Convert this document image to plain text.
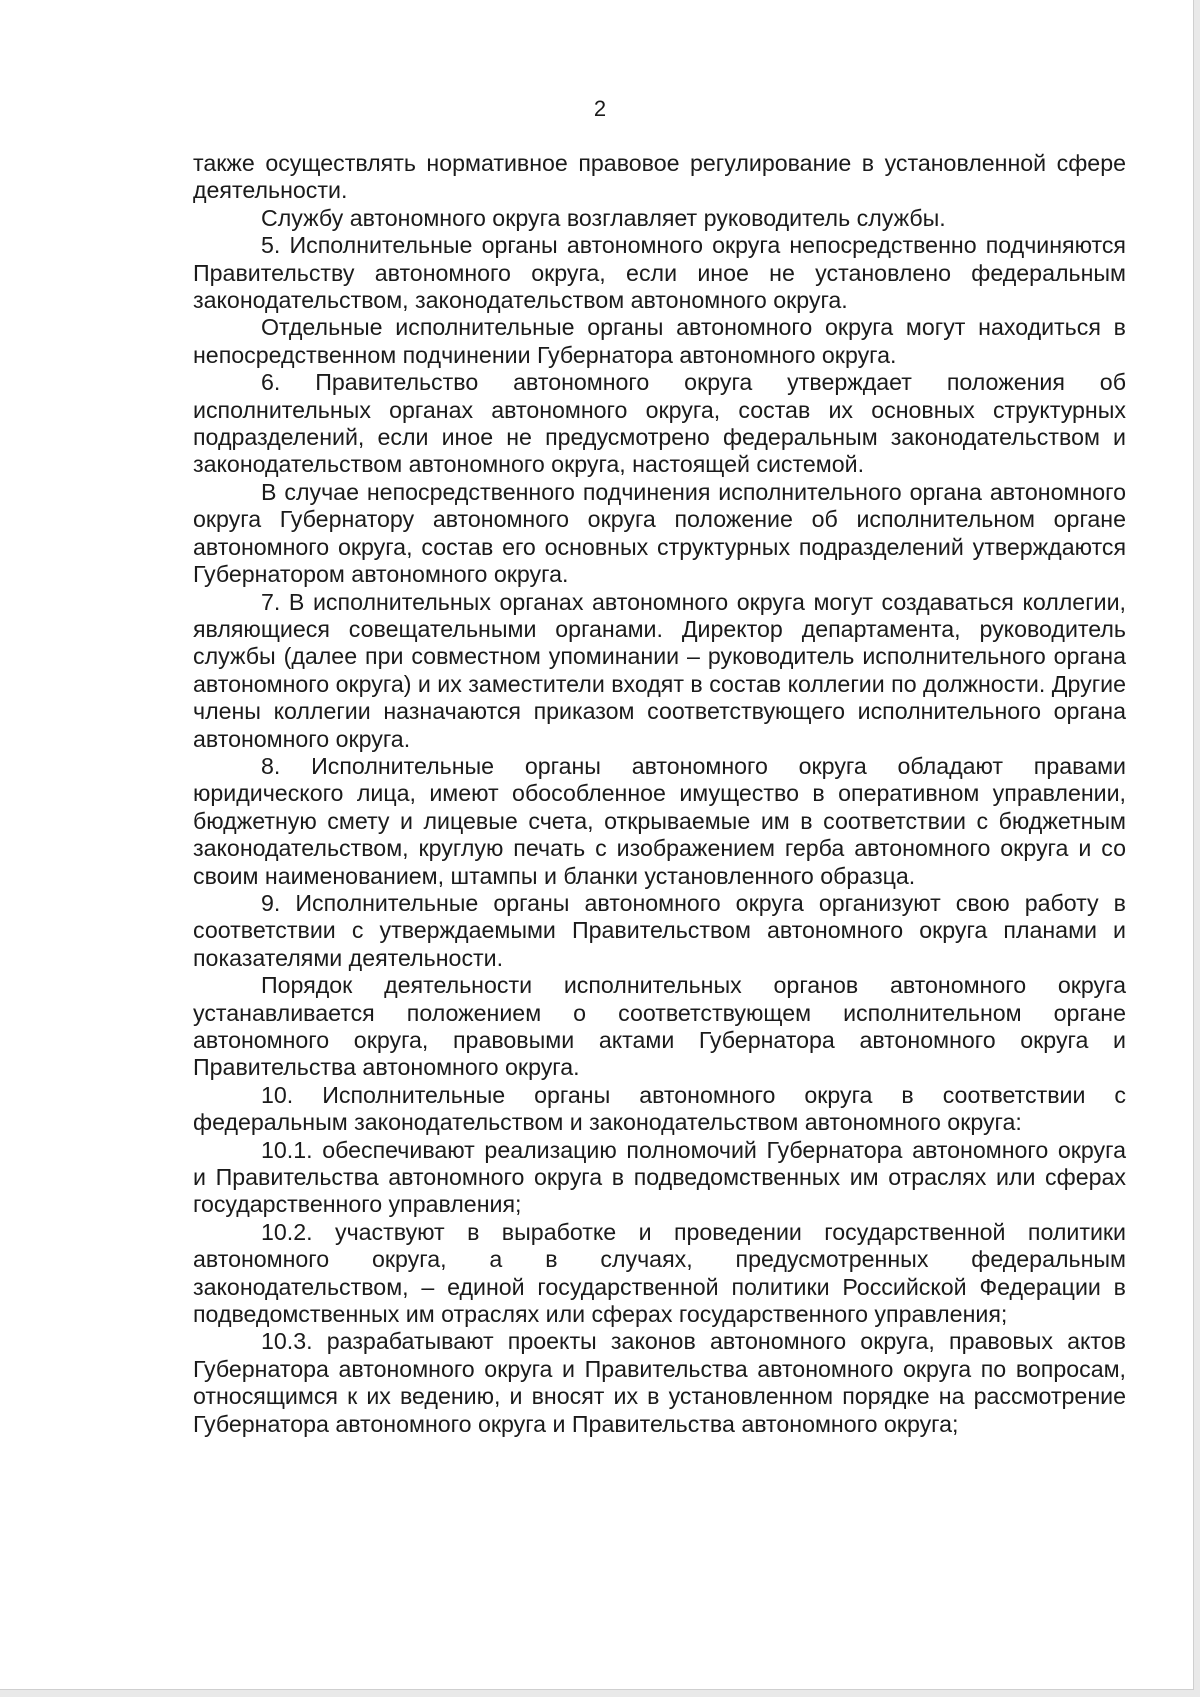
2

также осуществлять нормативное правовое регулирование в установленной сфере деятельности.

Службу автономного округа возглавляет руководитель службы.

5. Исполнительные органы автономного округа непосредственно подчиняются Правительству автономного округа, если иное не установлено федеральным законодательством, законодательством автономного округа.

Отдельные исполнительные органы автономного округа могут находиться в непосредственном подчинении Губернатора автономного округа.

6. Правительство автономного округа утверждает положения об исполнительных органах автономного округа, состав их основных структурных подразделений, если иное не предусмотрено федеральным законодательством и законодательством автономного округа, настоящей системой.

В случае непосредственного подчинения исполнительного органа автономного округа Губернатору автономного округа положение об исполнительном органе автономного округа, состав его основных структурных подразделений утверждаются Губернатором автономного округа.

7. В исполнительных органах автономного округа могут создаваться коллегии, являющиеся совещательными органами. Директор департамента, руководитель службы (далее при совместном упоминании – руководитель исполнительного органа автономного округа) и их заместители входят в состав коллегии по должности. Другие члены коллегии назначаются приказом соответствующего исполнительного органа автономного округа.

8. Исполнительные органы автономного округа обладают правами юридического лица, имеют обособленное имущество в оперативном управлении, бюджетную смету и лицевые счета, открываемые им в соответствии с бюджетным законодательством, круглую печать с изображением герба автономного округа и со своим наименованием, штампы и бланки установленного образца.

9. Исполнительные органы автономного округа организуют свою работу в соответствии с утверждаемыми Правительством автономного округа планами и показателями деятельности.

Порядок деятельности исполнительных органов автономного округа устанавливается положением о соответствующем исполнительном органе автономного округа, правовыми актами Губернатора автономного округа и Правительства автономного округа.

10. Исполнительные органы автономного округа в соответствии с федеральным законодательством и законодательством автономного округа:

10.1. обеспечивают реализацию полномочий Губернатора автономного округа и Правительства автономного округа в подведомственных им отраслях или сферах государственного управления;

10.2. участвуют в выработке и проведении государственной политики автономного округа, а в случаях, предусмотренных федеральным законодательством, – единой государственной политики Российской Федерации в подведомственных им отраслях или сферах государственного управления;

10.3. разрабатывают проекты законов автономного округа, правовых актов Губернатора автономного округа и Правительства автономного округа по вопросам, относящимся к их ведению, и вносят их в установленном порядке на рассмотрение Губернатора автономного округа и Правительства автономного округа;
